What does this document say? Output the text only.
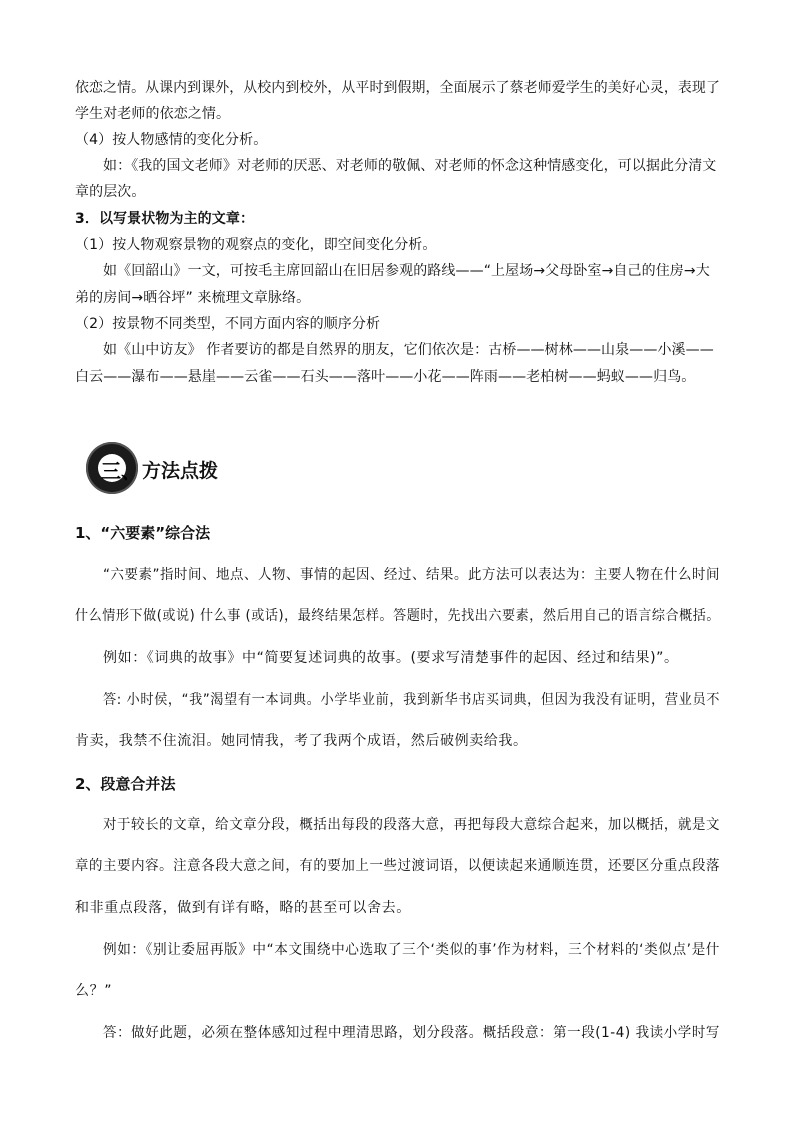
依恋之情。从课内到课外，从校内到校外，从平时到假期，全面展示了蔡老师爱学生的美好心灵，表现了
学生对老师的依恋之情。
（4）按人物感情的变化分析。
如：《我的国文老师》对老师的厌恶、对老师的敬佩、对老师的怀念这种情感变化，可以据此分清文
章的层次。
3．以写景状物为主的文章：
（1）按人物观察景物的观察点的变化，即空间变化分析。
如《回韶山》一文，可按毛主席回韶山在旧居参观的路线——“上屋场→父母卧室→自己的住房→大
弟的房间→晒谷坪” 来梳理文章脉络。
（2）按景物不同类型，不同方面内容的顺序分析
如《山中访友》 作者要访的都是自然界的朋友，它们依次是：古桥——树林——山泉——小溪——
白云——瀑布——悬崖——云雀——石头——落叶——小花——阵雨——老柏树——蚂蚁——归鸟。
三、 方法点拨
1、“六要素”综合法
“六要素”指时间、地点、人物、事情的起因、经过、结果。此方法可以表达为：主要人物在什么时间
什么情形下做(或说) 什么事 (或话)，最终结果怎样。答题时，先找出六要素，然后用自己的语言综合概括。
例如：《词典的故事》中“简要复述词典的故事。(要求写清楚事件的起因、经过和结果)”。
答: 小时侯，“我”渴望有一本词典。小学毕业前，我到新华书店买词典，但因为我没有证明，营业员不
肯卖，我禁不住流泪。她同情我，考了我两个成语，然后破例卖给我。
2、段意合并法
对于较长的文章，给文章分段，概括出每段的段落大意，再把每段大意综合起来，加以概括，就是文
章的主要内容。注意各段大意之间，有的要加上一些过渡词语，以便读起来通顺连贯，还要区分重点段落
和非重点段落，做到有详有略，略的甚至可以舍去。
例如：《别让委屈再版》中“本文围绕中心选取了三个‘类似的事’作为材料，三个材料的‘类似点’是什
么？”
答：做好此题，必须在整体感知过程中理清思路，划分段落。概括段意：第一段(1-4) 我读小学时写
